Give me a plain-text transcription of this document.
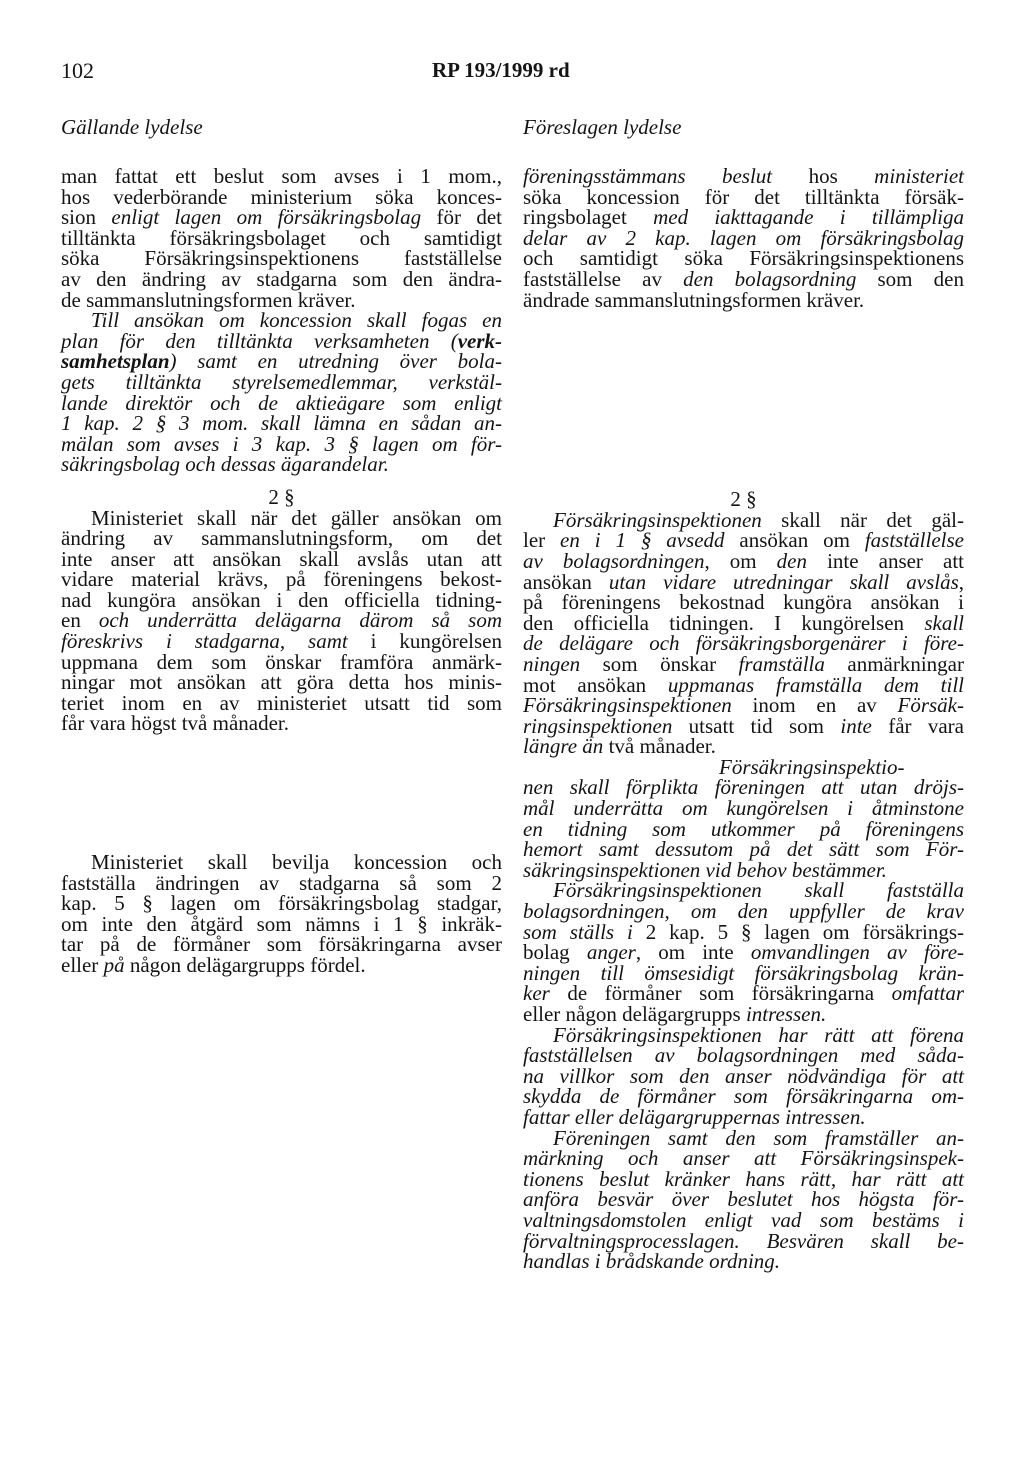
102	RP 193/1999 rd
Gällande lydelse	Föreslagen lydelse
man fattat ett beslut som avses i 1 mom.,
hos vederbörande ministerium söka konces-
sion enligt lagen om försäkringsbolag för det
tilltänkta försäkringsbolaget och samtidigt
söka Försäkringsinspektionens fastställelse
av den ändring av stadgarna som den ändra-
de sammanslutningsformen kräver.
Till ansökan om koncession skall fogas en
plan för den tilltänkta verksamheten (verk-
samhetsplan) samt en utredning över bola-
gets tilltänkta styrelsemedlemmar, verkstäl-
lande direktör och de aktieägare som enligt
1 kap. 2 § 3 mom. skall lämna en sådan an-
mälan som avses i 3 kap. 3 § lagen om för-
säkringsbolag och dessas ägarandelar.
2 §
Ministeriet skall när det gäller ansökan om
ändring av sammanslutningsform, om det
inte anser att ansökan skall avslås utan att
vidare material krävs, på föreningens bekost-
nad kungöra ansökan i den officiella tidning-
en och underrätta delägarna därom så som
föreskrivs i stadgarna, samt i kungörelsen
uppmana dem som önskar framföra anmärk-
ningar mot ansökan att göra detta hos minis-
teriet inom en av ministeriet utsatt tid som
får vara högst två månader.
Ministeriet skall bevilja koncession och
fastställa ändringen av stadgarna så som 2
kap. 5 § lagen om försäkringsbolag stadgar,
om inte den åtgärd som nämns i 1 § inkräk-
tar på de förmåner som försäkringarna avser
eller på någon delägargrupps fördel.
föreningsstämmans beslut hos ministeriet
söka koncession för det tilltänkta försäk-
ringsbolaget med iakttagande i tillämpliga
delar av 2 kap. lagen om försäkringsbolag
och samtidigt söka Försäkringsinspektionens
fastställelse av den bolagsordning som den
ändrade sammanslutningsformen kräver.
2 §
Försäkringsinspektionen skall när det gäl-
ler en i 1 § avsedd ansökan om fastställelse
av bolagsordningen, om den inte anser att
ansökan utan vidare utredningar skall avslås,
på föreningens bekostnad kungöra ansökan i
den officiella tidningen. I kungörelsen skall
de delägare och försäkringsborgenärer i före-
ningen som önskar framställa anmärkningar
mot ansökan uppmanas framställa dem till
Försäkringsinspektionen inom en av Försäk-
ringsinspektionen utsatt tid som inte får vara
längre än två månader.
Försäkringsinspektio-
nen skall förplikta föreningen att utan dröjs-
mål underrätta om kungörelsen i åtminstone
en tidning som utkommer på föreningens
hemort samt dessutom på det sätt som För-
säkringsinspektionen vid behov bestämmer.
Försäkringsinspektionen skall fastställa
bolagsordningen, om den uppfyller de krav
som ställs i 2 kap. 5 § lagen om försäkrings-
bolag anger, om inte omvandlingen av före-
ningen till ömsesidigt försäkringsbolag krän-
ker de förmåner som försäkringarna omfattar
eller någon delägargrupps intressen.
Försäkringsinspektionen har rätt att förena
fastställelsen av bolagsordningen med såda-
na villkor som den anser nödvändiga för att
skydda de förmåner som försäkringarna om-
fattar eller delägargruppernas intressen.
Föreningen samt den som framställer an-
märkning och anser att Försäkringsinspek-
tionens beslut kränker hans rätt, har rätt att
anföra besvär över beslutet hos högsta för-
valtningsdomstolen enligt vad som bestäms i
förvaltningsprocesslagen. Besvären skall be-
handlas i brådskande ordning.
